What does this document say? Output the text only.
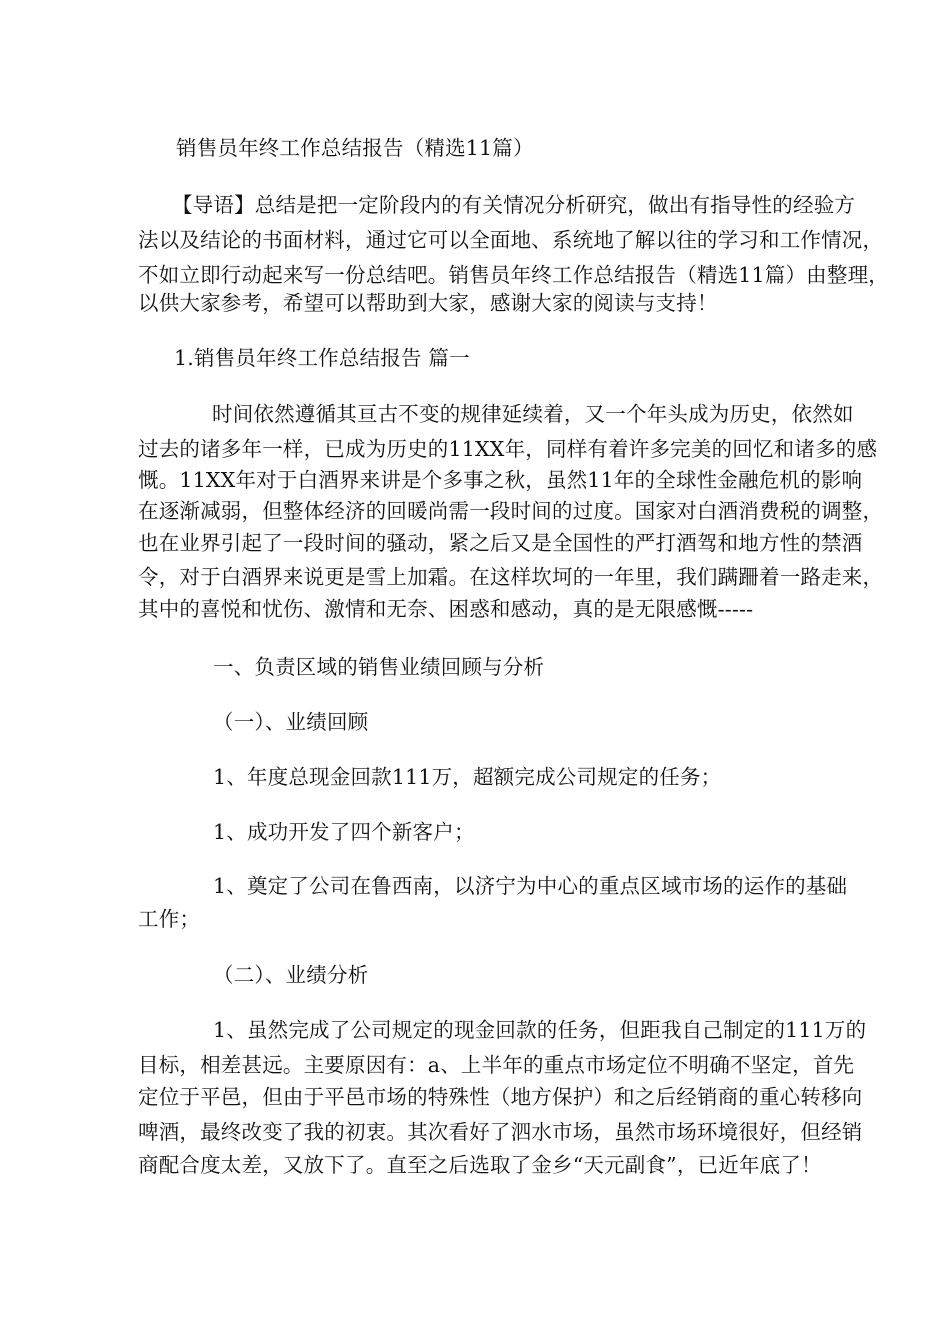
销售员年终工作总结报告（精选11篇）
【导语】总结是把一定阶段内的有关情况分析研究，做出有指导性的经验方
法以及结论的书面材料，通过它可以全面地、系统地了解以往的学习和工作情况，
不如立即行动起来写一份总结吧。销售员年终工作总结报告（精选11篇）由整理，
以供大家参考，希望可以帮助到大家，感谢大家的阅读与支持！
1.销售员年终工作总结报告 篇一
时间依然遵循其亘古不变的规律延续着，又一个年头成为历史，依然如
过去的诸多年一样，已成为历史的11XX年，同样有着许多完美的回忆和诸多的感
慨。11XX年对于白酒界来讲是个多事之秋，虽然11年的全球性金融危机的影响
在逐渐减弱，但整体经济的回暖尚需一段时间的过度。国家对白酒消费税的调整，
也在业界引起了一段时间的骚动，紧之后又是全国性的严打酒驾和地方性的禁酒
令，对于白酒界来说更是雪上加霜。在这样坎坷的一年里，我们蹒跚着一路走来，
其中的喜悦和忧伤、激情和无奈、困惑和感动，真的是无限感慨-----
一、负责区域的销售业绩回顾与分析
（一）、业绩回顾
1、年度总现金回款111万，超额完成公司规定的任务；
1、成功开发了四个新客户；
1、奠定了公司在鲁西南，以济宁为中心的重点区域市场的运作的基础
工作；
（二）、业绩分析
1、虽然完成了公司规定的现金回款的任务，但距我自己制定的111万的
目标，相差甚远。主要原因有：a、上半年的重点市场定位不明确不坚定，首先
定位于平邑，但由于平邑市场的特殊性（地方保护）和之后经销商的重心转移向
啤酒，最终改变了我的初衷。其次看好了泗水市场，虽然市场环境很好，但经销
商配合度太差，又放下了。直至之后选取了金乡“天元副食”，已近年底了！
